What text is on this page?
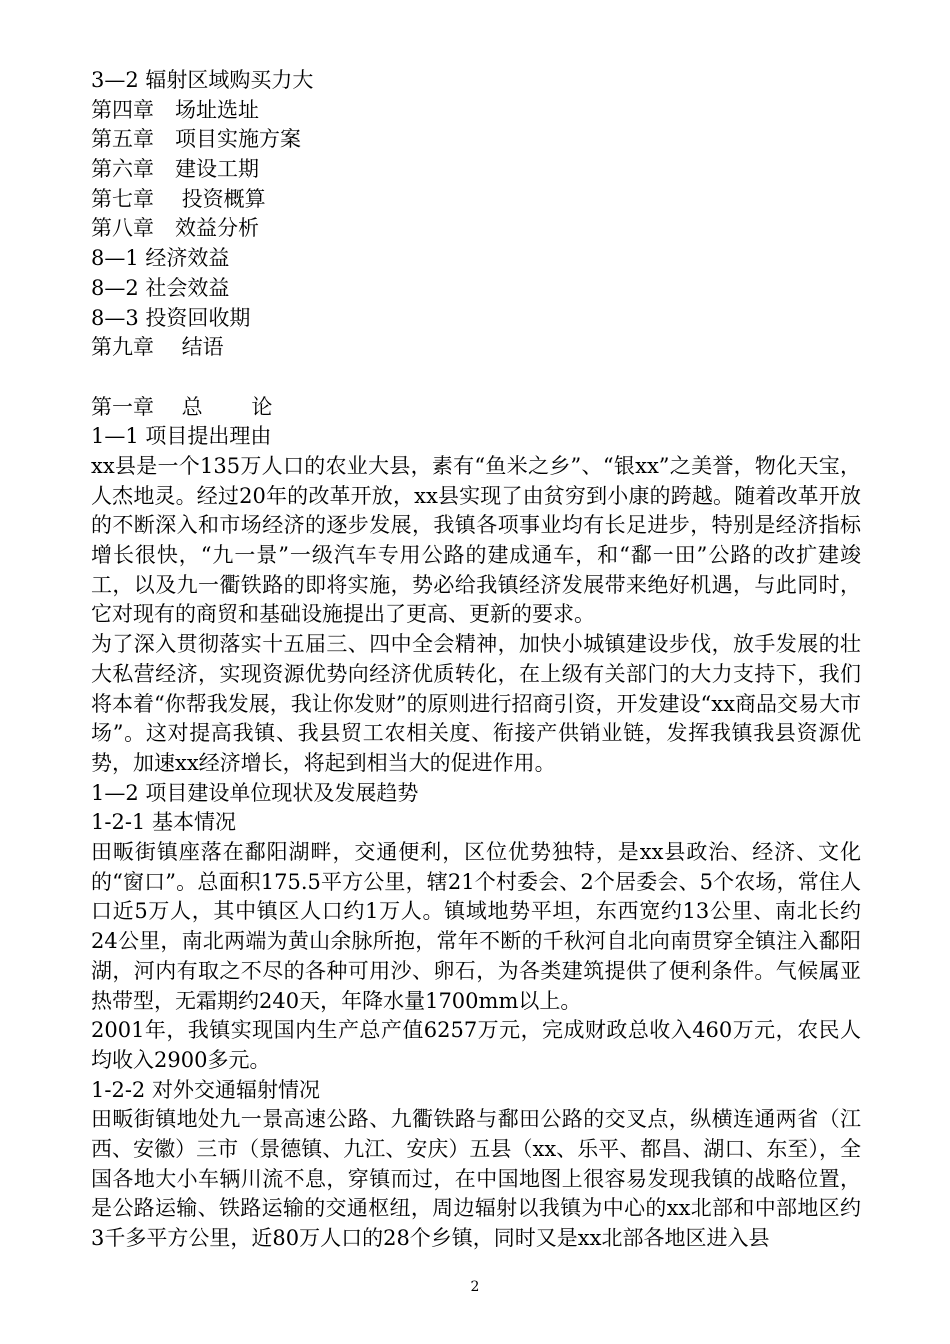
3—2 辐射区域购买力大
第四章　场址选址
第五章　项目实施方案
第六章　建设工期
第七章　 投资概算
第八章　效益分析
8—1 经济效益
8—2 社会效益
8—3 投资回收期
第九章　 结语
第一章　 总　　 论
1—1 项目提出理由
xx县是一个135万人口的农业大县，素有“鱼米之乡”、“银xx”之美誉，物化天宝，人杰地灵。经过20年的改革开放，xx县实现了由贫穷到小康的跨越。随着改革开放的不断深入和市场经济的逐步发展，我镇各项事业均有长足进步，特别是经济指标增长很快，“九一景”一级汽车专用公路的建成通车，和“鄱一田”公路的改扩建竣工，以及九一衢铁路的即将实施，势必给我镇经济发展带来绝好机遇，与此同时，它对现有的商贸和基础设施提出了更高、更新的要求。
为了深入贯彻落实十五届三、四中全会精神，加快小城镇建设步伐，放手发展的壮大私营经济，实现资源优势向经济优质转化，在上级有关部门的大力支持下，我们将本着“你帮我发展，我让你发财”的原则进行招商引资，开发建设“xx商品交易大市场”。这对提高我镇、我县贸工农相关度、衔接产供销业链，发挥我镇我县资源优势，加速xx经济增长，将起到相当大的促进作用。
1—2 项目建设单位现状及发展趋势
1-2-1 基本情况
田畈街镇座落在鄱阳湖畔，交通便利，区位优势独特，是xx县政治、经济、文化的“窗口”。总面积175.5平方公里，辖21个村委会、2个居委会、5个农场，常住人口近5万人，其中镇区人口约1万人。镇域地势平坦，东西宽约13公里、南北长约24公里，南北两端为黄山余脉所抱，常年不断的千秋河自北向南贯穿全镇注入鄱阳湖，河内有取之不尽的各种可用沙、卵石，为各类建筑提供了便利条件。气候属亚热带型，无霜期约240天，年降水量1700mm以上。
2001年，我镇实现国内生产总产值6257万元，完成财政总收入460万元，农民人均收入2900多元。
1-2-2 对外交通辐射情况
田畈街镇地处九一景高速公路、九衢铁路与鄱田公路的交叉点，纵横连通两省（江西、安徽）三市（景德镇、九江、安庆）五县（xx、乐平、都昌、湖口、东至），全国各地大小车辆川流不息，穿镇而过，在中国地图上很容易发现我镇的战略位置，是公路运输、铁路运输的交通枢纽，周边辐射以我镇为中心的xx北部和中部地区约3千多平方公里，近80万人口的28个乡镇，同时又是xx北部各地区进入县
2
